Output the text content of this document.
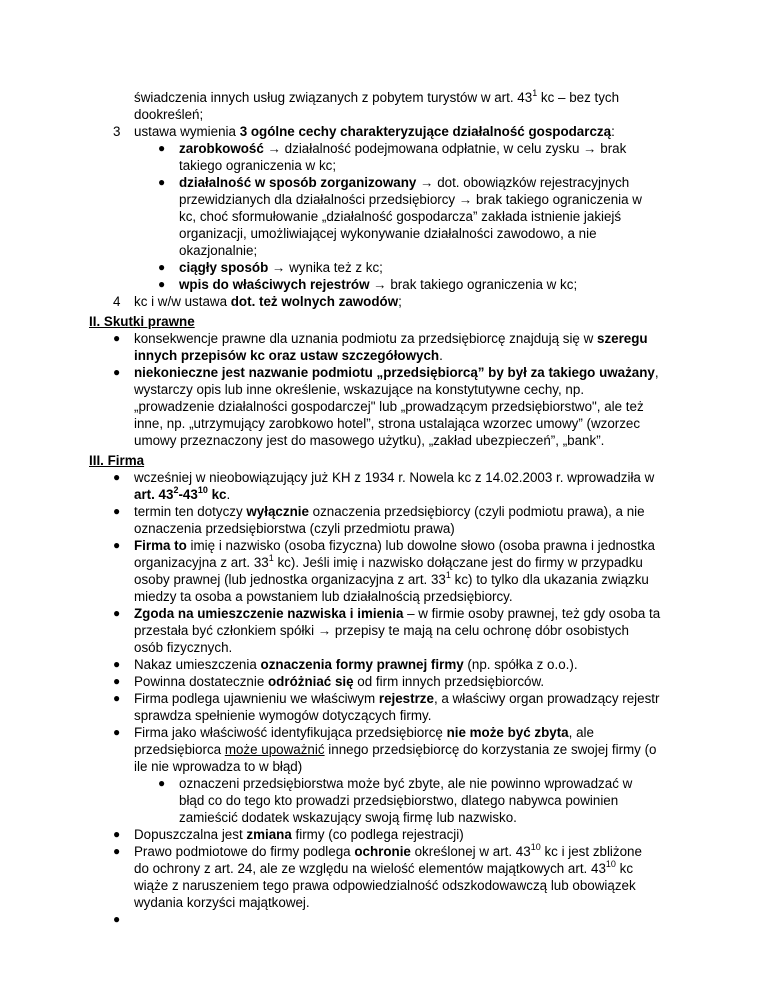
świadczenia innych usług związanych z pobytem turystów w art. $43^1$ kc – bez tych
dookreśleń;
3 ustawa wymienia 3 ogólne cechy charakteryzujące działalność gospodarczą:
● zarobkowość → działalność podejmowana odpłatnie, w celu zysku → brak
takiego ograniczenia w kc;
● działalność w sposób zorganizowany → dot. obowiązków rejestracyjnych
przewidzianych dla działalności przedsiębiorcy → brak takiego ograniczenia w
kc, choć sformułowanie „działalność gospodarcza” zakłada istnienie jakiejś
organizacji, umożliwiającej wykonywanie działalności zawodowo, a nie
okazjonalnie;
● ciągły sposób → wynika też z kc;
● wpis do właściwych rejestrów → brak takiego ograniczenia w kc;
4 kc i w/w ustawa dot. też wolnych zawodów;
II. Skutki prawne
● konsekwencje prawne dla uznania podmiotu za przedsiębiorcę znajdują się w szeregu
innych przepisów kc oraz ustaw szczegółowych.
● niekonieczne jest nazwanie podmiotu „przedsiębiorcą” by był za takiego uważany,
wystarczy opis lub inne określenie, wskazujące na konstytutywne cechy, np.
„prowadzenie działalności gospodarczej" lub „prowadzącym przedsiębiorstwo", ale też
inne, np. „utrzymujący zarobkowo hotel”, strona ustalająca wzorzec umowy” (wzorzec
umowy przeznaczony jest do masowego użytku), „zakład ubezpieczeń”, „bank”.
III. Firma
● wcześniej w nieobowiązujący już KH z 1934 r. Nowela kc z 14.02.2003 r. wprowadziła w
art. $43^2-43^{10}$ kc.
● termin ten dotyczy wyłącznie oznaczenia przedsiębiorcy (czyli podmiotu prawa), a nie
oznaczenia przedsiębiorstwa (czyli przedmiotu prawa)
● Firma to imię i nazwisko (osoba fizyczna) lub dowolne słowo (osoba prawna i jednostka
organizacyjna z art. $33^1$ kc). Jeśli imię i nazwisko dołączane jest do firmy w przypadku
osoby prawnej (lub jednostka organizacyjna z art. $33^1$ kc) to tylko dla ukazania związku
miedzy ta osoba a powstaniem lub działalnością przedsiębiorcy.
● Zgoda na umieszczenie nazwiska i imienia – w firmie osoby prawnej, też gdy osoba ta
przestała być członkiem spółki → przepisy te mają na celu ochronę dóbr osobistych
osób fizycznych.
● Nakaz umieszczenia oznaczenia formy prawnej firmy (np. spółka z o.o.).
● Powinna dostatecznie odróżniać się od firm innych przedsiębiorców.
● Firma podlega ujawnieniu we właściwym rejestrze, a właściwy organ prowadzący rejestr
sprawdza spełnienie wymogów dotyczących firmy.
● Firma jako właściwość identyfikująca przedsiębiorcę nie może być zbyta, ale
przedsiębiorca może upoważnić innego przedsiębiorcę do korzystania ze swojej firmy (o
ile nie wprowadza to w błąd)
● oznaczeni przedsiębiorstwa może być zbyte, ale nie powinno wprowadzać w
błąd co do tego kto prowadzi przedsiębiorstwo, dlatego nabywca powinien
zamieścić dodatek wskazujący swoją firmę lub nazwisko.
● Dopuszczalna jest zmiana firmy (co podlega rejestracji)
● Prawo podmiotowe do firmy podlega ochronie określonej w art. $43^{10}$ kc i jest zbliżone
do ochrony z art. 24, ale ze względu na wielość elementów majątkowych art. $43^{10}$ kc
wiąże z naruszeniem tego prawa odpowiedzialność odszkodowawczą lub obowiązek
wydania korzyści majątkowej.
●
